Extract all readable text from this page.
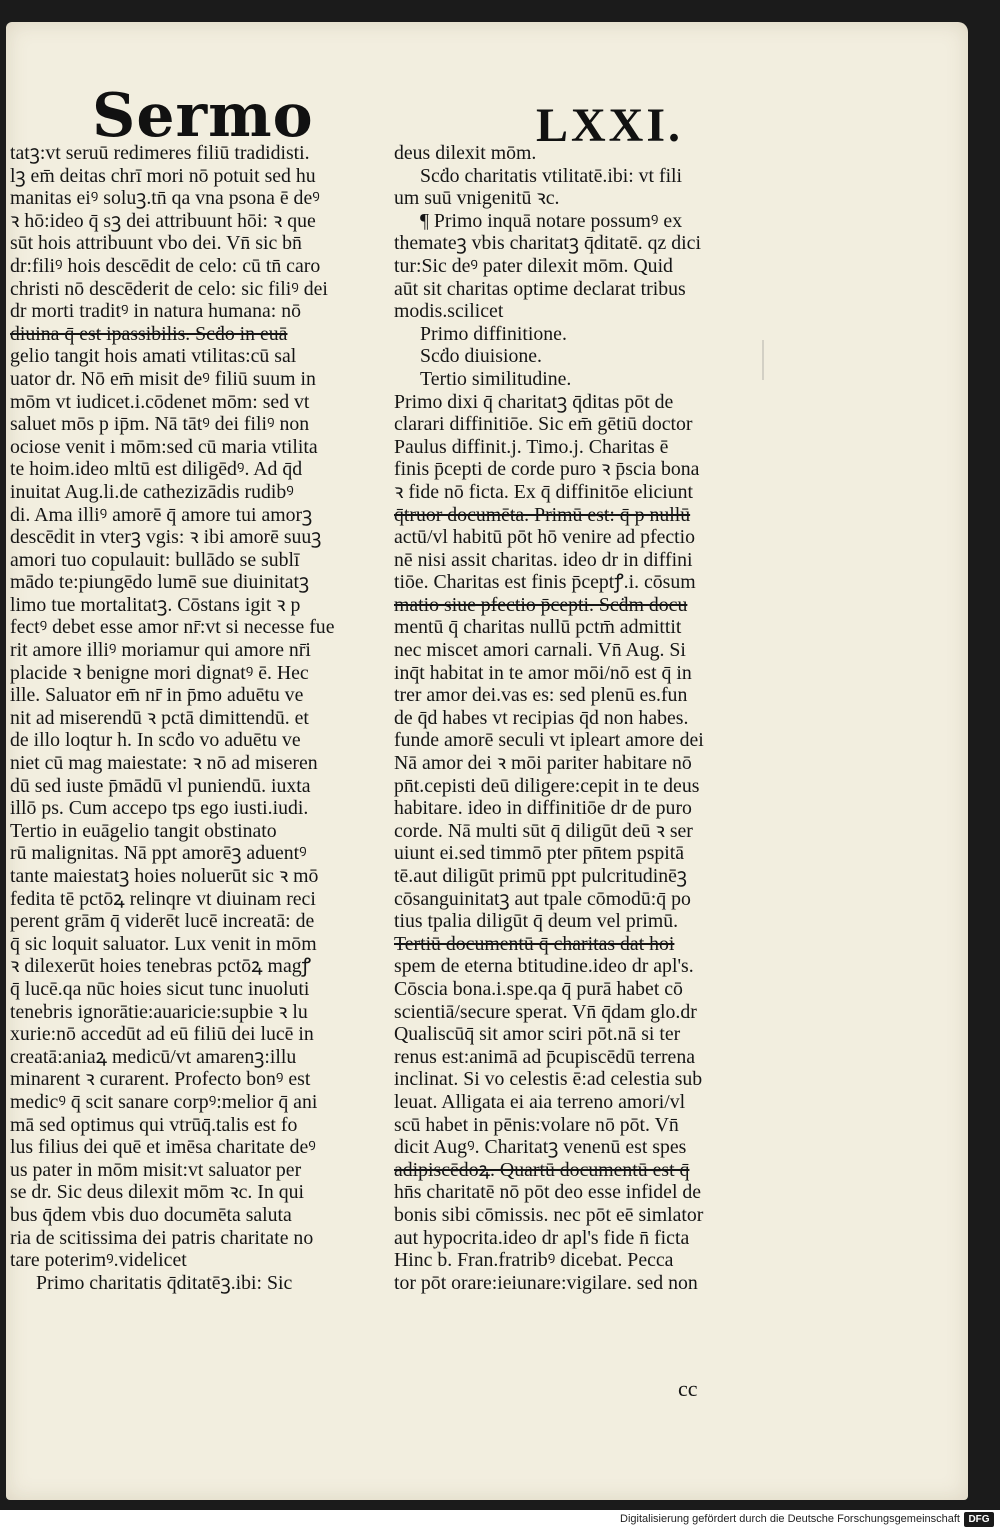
Sermo	LXXI.
tatꝫ:vt seruū redimeres filiū tradidisti.
lꝫ em̄ deitas chrī mori nō potuit sed hu
manitas eiꝰ soluꝫ.tn̄ qa vna psona ē deꝰ
ꝛ hō:ideo q̄ sꝫ dei attribuunt hōi: ꝛ que
sūt hois attribuunt vbo dei. Vn̄ sic bn̄
dr:filiꝰ hois descēdit de celo: cū tn̄ caro
christi nō descēderit de celo: sic filiꝰ dei
dr morti traditꝰ in natura humana: nō
diuina q̄ est ipassibilis. Scḋo in euā
gelio tangit hois amati vtilitas:cū sal
uator dr. Nō em̄ misit deꝰ filiū suum in
mōm vt iudicet.i.cōdenet mōm: sed vt
saluet mōs p ip̄m. Nā tātꝰ dei filiꝰ non
ociose venit i mōm:sed cū maria vtilita
te hoim.ideo mltū est diligēdꝰ. Ad q̄d
inuitat Aug.li.de cathezizādis rudibꝰ
di. Ama illiꝰ amorē q̄ amore tui amorꝫ
descēdit in vterꝫ vgis: ꝛ ibi amorē suuꝫ
amori tuo copulauit: bullādo se sublī
mādo te:piungēdo lumē sue diuinitatꝫ
limo tue mortalitatꝫ. Cōstans igit ꝛ p
fectꝰ debet esse amor nr̄:vt si necesse fue
rit amore illiꝰ moriamur qui amore nr̄i
placide ꝛ benigne mori dignatꝰ ē. Hec
ille. Saluator em̄ nr̄ in p̄mo aduētu ve
nit ad miserendū ꝛ pctā dimittendū. et
de illo loqtur h. In scḋo vo aduētu ve
niet cū mag maiestate: ꝛ nō ad miseren
dū sed iuste p̄mādū vl puniendū. iuxta
illō ps. Cum accepo tps ego iusti.iudi.
Tertio in euāgelio tangit obstinato
rū malignitas. Nā ppt amorēꝫ aduentꝰ
tante maiestatꝫ hoies noluerūt sic ꝛ mō
fedita tē pctōꝝ relinqre vt diuinam reci
perent grām q̄ viderēt lucē increatā: de
q̄ sic loquit saluator. Lux venit in mōm
ꝛ dilexerūt hoies tenebras pctōꝝ magꝭ
q̄ lucē.qa nūc hoies sicut tunc inuoluti
tenebris ignorātie:auaricie:supbie ꝛ lu
xurie:nō accedūt ad eū filiū dei lucē in
creatā:aniaꝝ medicū/vt amarenꝫ:illu
minarent ꝛ curarent. Profecto bonꝰ est
medicꝰ q̄ scit sanare corpꝰ:melior q̄ ani
mā sed optimus qui vtrūq̄.talis est fo
lus filius dei quē et imēsa charitate deꝰ
us pater in mōm misit:vt saluator per
se dr. Sic deus dilexit mōm ꝛc. In qui
bus q̄dem vbis duo documēta saluta
ria de scitissima dei patris charitate no
tare poterimꝰ.videlicet
Primo charitatis q̄ditatēꝫ.ibi: Sic
deus dilexit mōm.
Scḋo charitatis vtilitatē.ibi: vt fili
um suū vnigenitū ꝛc.
¶ Primo inquā notare possumꝰ ex
themateꝫ vbis charitatꝫ q̄ditatē. qz dici
tur:Sic deꝰ pater dilexit mōm. Quid
aūt sit charitas optime declarat tribus
modis.scilicet
Primo diffinitione.
Scḋo diuisione.
Tertio similitudine.
Primo dixi q̄ charitatꝫ q̄ditas pōt de
clarari diffinitiōe. Sic em̄ gētiū doctor
Paulus diffinit.j. Timo.j. Charitas ē
finis p̄cepti de corde puro ꝛ p̄scia bona
ꝛ fide nō ficta. Ex q̄ diffinitōe eliciunt
q̄truor documēta. Primū est: q̄ p nullū
actū/vl habitū pōt hō venire ad pfectio
nē nisi assit charitas. ideo dr in diffini
tiōe. Charitas est finis p̄ceptꝭ.i. cōsum
matio siue pfectio p̄cepti. Scḋm docu
mentū q̄ charitas nullū pctm̄ admittit
nec miscet amori carnali. Vn̄ Aug. Si
inq̄t habitat in te amor mōi/nō est q̄ in
trer amor dei.vas es: sed plenū es.fun
de q̄d habes vt recipias q̄d non habes.
funde amorē seculi vt ipleart amore dei
Nā amor dei ꝛ mōi pariter habitare nō
pn̄t.cepisti deū diligere:cepit in te deus
habitare. ideo in diffinitiōe dr de puro
corde. Nā multi sūt q̄ diligūt deū ꝛ ser
uiunt ei.sed timmō pter pn̄tem pspitā
tē.aut diligūt primū ppt pulcritudinēꝫ
cōsanguinitatꝫ aut tpale cōmodū:q̄ po
tius tpalia diligūt q̄ deum vel primū.
Tertiū documentū q̄ charitas dat hoi
spem de eterna btitudine.ideo dr apl's.
Cōscia bona.i.spe.qa q̄ purā habet cō
scientiā/secure sperat. Vn̄ q̄dam glo.dr
Qualiscūq̄ sit amor sciri pōt.nā si ter
renus est:animā ad p̄cupiscēdū terrena
inclinat. Si vo celestis ē:ad celestia sub
leuat. Alligata ei aia terreno amori/vl
scū habet in pēnis:volare nō pōt. Vn̄
dicit Augꝰ. Charitatꝫ venenū est spes
adipiscēdoꝝ. Quartū documentū est q̄
hn̄s charitatē nō pōt deo esse infidel de
bonis sibi cōmissis. nec pōt eē simlator
aut hypocrita.ideo dr apl's fide n̄ ficta
Hinc b. Fran.fratribꝰ dicebat. Pecca
tor pōt orare:ieiunare:vigilare. sed non
cc
Digitalisierung gefördert durch die Deutsche Forschungsgemeinschaft DFG
